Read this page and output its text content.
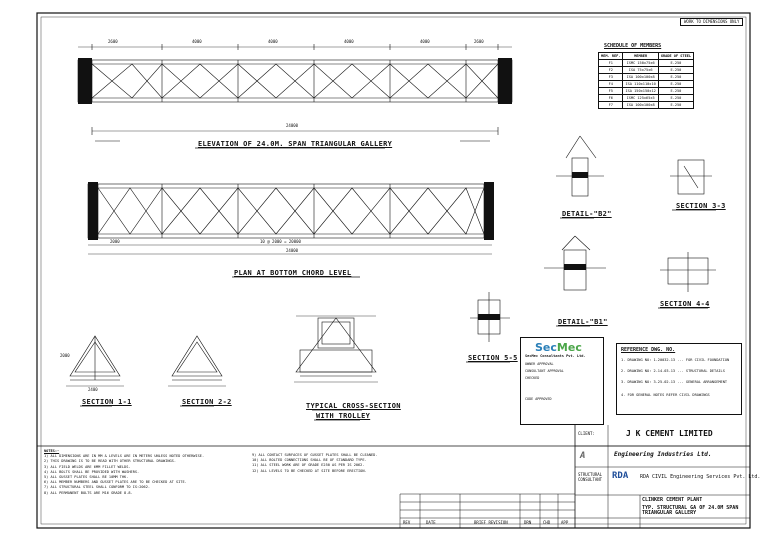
WORK TO DIMENSIONS ONLY
2600	4000	4000	4000	4000	2600
24000
ELEVATION OF 24.0M. SPAN TRIANGULAR GALLERY
10 @ 2000 = 20000
2000
24000
PLAN AT BOTTOM CHORD LEVEL
2400
2000
SECTION 1-1	SECTION 2-2	TYPICAL CROSS-SECTION
WITH TROLLEY
SECTION 5-5
DETAIL-"B2"
SECTION 3-3
DETAIL-"B1"
SECTION 4-4
SCHEDULE OF MEMBERS
MEM. REF.	MEMBER	GRADE OF STEEL
F1	ISMC 150x75x6	E-250
F2	ISA 75x75x6	E-250
F3	ISA 100x100x8	E-250
F4	ISA 110x110x10	E-250
F5	ISA 150x150x12	E-250
F6	ISMC 125x65x5	E-250
F7	ISA 100x100x8	E-250
SecMec
SecMec Consultants Pvt. Ltd.
OWNER APPROVAL
CONSULTANT APPROVAL
CHECKED
CODE APPROVED
REFERENCE DWG. NO.
1. DRAWING NO: 1-20032-13 ... FOR CIVIL FOUNDATION
2. DRAWING NO: 2-14-03-13 ... STRUCTURAL DETAILS
3. DRAWING NO: 3-25-02-13 ... GENERAL ARRANGEMENT
4. FOR GENERAL NOTES REFER CIVIL DRAWINGS
NOTES:-
1) ALL DIMENSIONS ARE IN MM & LEVELS ARE IN METERS UNLESS NOTED OTHERWISE.
2) THIS DRAWING IS TO BE READ WITH OTHER STRUCTURAL DRAWINGS.
3) ALL FIELD WELDS ARE 6MM FILLET WELDS.
4) ALL BOLTS SHALL BE PROVIDED WITH WASHERS.
5) ALL GUSSET PLATES SHALL BE 10MM THK.
6) ALL MEMBER NUMBERS AND GUSSET PLATES ARE TO BE CHECKED AT SITE.
7) ALL STRUCTURAL STEEL SHALL CONFORM TO IS:2062.
8) ALL PERMANENT BOLTS ARE M16 GRADE 8.8.
9) ALL CONTACT SURFACES OF GUSSET PLATES SHALL BE CLEANED.
10) ALL BOLTED CONNECTIONS SHALL BE OF STANDARD TYPE.
11) ALL STEEL WORK ARE OF GRADE E250 AS PER IS 2062.
12) ALL LEVELS TO BE CHECKED AT SITE BEFORE ERECTION.
CLIENT:	J K CEMENT LIMITED
A	Engineering Industries Ltd.
STRUCTURAL CONSULTANT	RDA RDA CIVIL Engineering Services Pvt. Ltd.
CLINKER CEMENT PLANT
TYP. STRUCTURAL GA OF 24.0M SPAN TRIANGULAR GALLERY
REV	DATE	BRIEF REVISION	DRN	CHD	APP
